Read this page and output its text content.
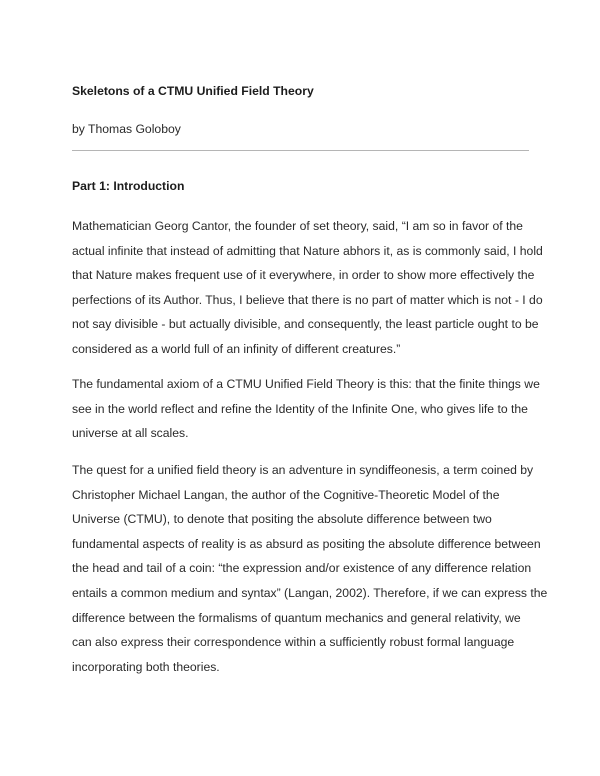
Skeletons of a CTMU Unified Field Theory
by Thomas Goloboy
Part 1: Introduction

Mathematician Georg Cantor, the founder of set theory, said, “I am so in favor of the
actual infinite that instead of admitting that Nature abhors it, as is commonly said, I hold
that Nature makes frequent use of it everywhere, in order to show more effectively the
perfections of its Author. Thus, I believe that there is no part of matter which is not - I do
not say divisible - but actually divisible, and consequently, the least particle ought to be
considered as a world full of an infinity of different creatures.”

The fundamental axiom of a CTMU Unified Field Theory is this: that the finite things we
see in the world reflect and refine the Identity of the Infinite One, who gives life to the
universe at all scales.

The quest for a unified field theory is an adventure in syndiffeonesis, a term coined by
Christopher Michael Langan, the author of the Cognitive-Theoretic Model of the
Universe (CTMU), to denote that positing the absolute difference between two
fundamental aspects of reality is as absurd as positing the absolute difference between
the head and tail of a coin: “the expression and/or existence of any difference relation
entails a common medium and syntax” (Langan, 2002). Therefore, if we can express the
difference between the formalisms of quantum mechanics and general relativity, we
can also express their correspondence within a sufficiently robust formal language
incorporating both theories.
